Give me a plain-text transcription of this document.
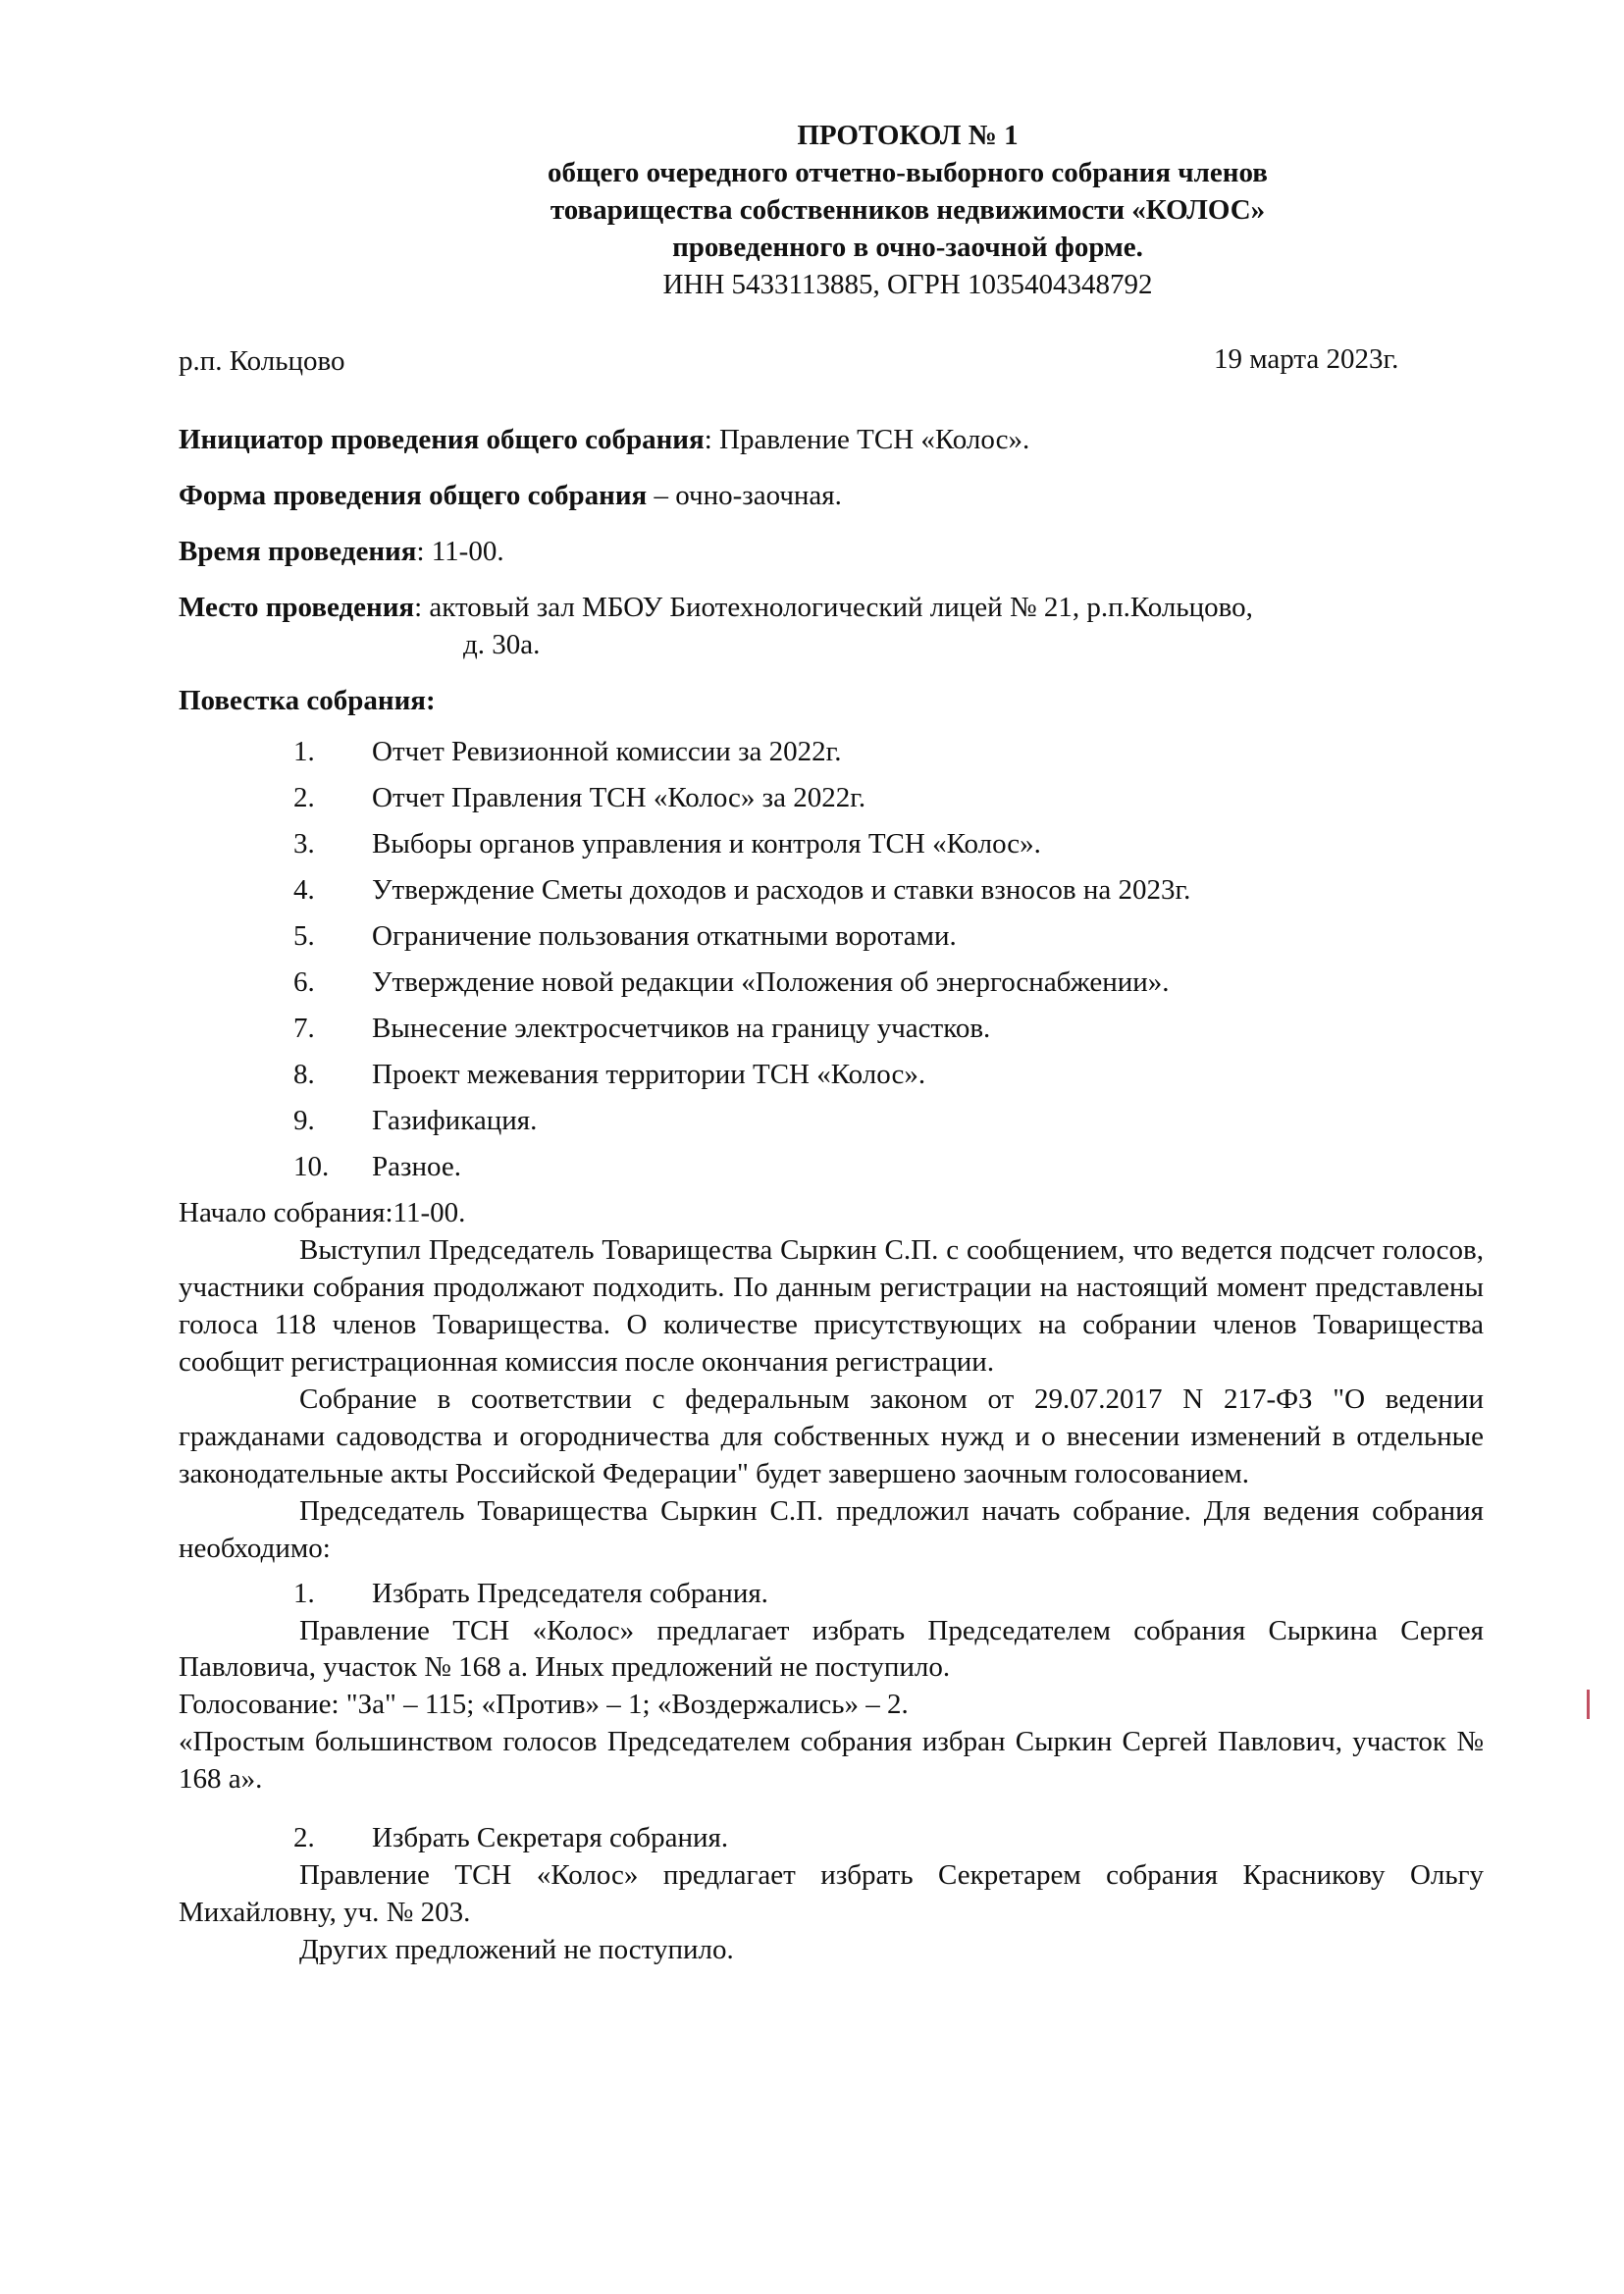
ПРОТОКОЛ № 1
общего очередного отчетно-выборного собрания членов
товарищества собственников недвижимости «КОЛОС»
проведенного в очно-заочной форме.
ИНН 5433113885, ОГРН 1035404348792
р.п. Кольцово	19 марта 2023г.

Инициатор проведения общего собрания: Правление ТСН «Колос».

Форма проведения общего собрания – очно-заочная.

Время проведения: 11-00.

Место проведения: актовый зал МБОУ Биотехнологический лицей № 21, р.п.Кольцово,

д. 30а.

Повестка собрания:
1.	Отчет Ревизионной комиссии за 2022г.
2.	Отчет Правления ТСН «Колос» за 2022г.
3.	Выборы органов управления и контроля ТСН «Колос».
4.	Утверждение Сметы доходов и расходов и ставки взносов на 2023г.
5.	Ограничение пользования откатными воротами.
6.	Утверждение новой редакции «Положения об энергоснабжении».
7.	Вынесение электросчетчиков на границу участков.
8.	Проект межевания территории ТСН «Колос».
9.	Газификация.
10.	Разное.

Начало собрания:11-00.

Выступил Председатель Товарищества Сыркин С.П. с сообщением, что ведется подсчет голосов, участники собрания продолжают подходить. По данным регистрации на настоящий момент представлены голоса 118 членов Товарищества. О количестве присутствующих на собрании членов Товарищества сообщит регистрационная комиссия после окончания регистрации.

Собрание в соответствии с федеральным законом от 29.07.2017 N 217-ФЗ "О ведении гражданами садоводства и огородничества для собственных нужд и о внесении изменений в отдельные законодательные акты Российской Федерации" будет завершено заочным голосованием.

Председатель Товарищества Сыркин С.П. предложил начать собрание. Для ведения собрания необходимо:

1.	Избрать Председателя собрания.

Правление ТСН «Колос» предлагает избрать Председателем собрания Сыркина Сергея Павловича, участок № 168 а. Иных предложений не поступило.

Голосование: "За" – 115; «Против» – 1; «Воздержались» – 2.

«Простым большинством голосов Председателем собрания избран Сыркин Сергей Павлович, участок № 168 а».

2.	Избрать Секретаря собрания.

Правление ТСН «Колос» предлагает избрать Секретарем собрания Красникову Ольгу Михайловну, уч. № 203.

Других предложений не поступило.
